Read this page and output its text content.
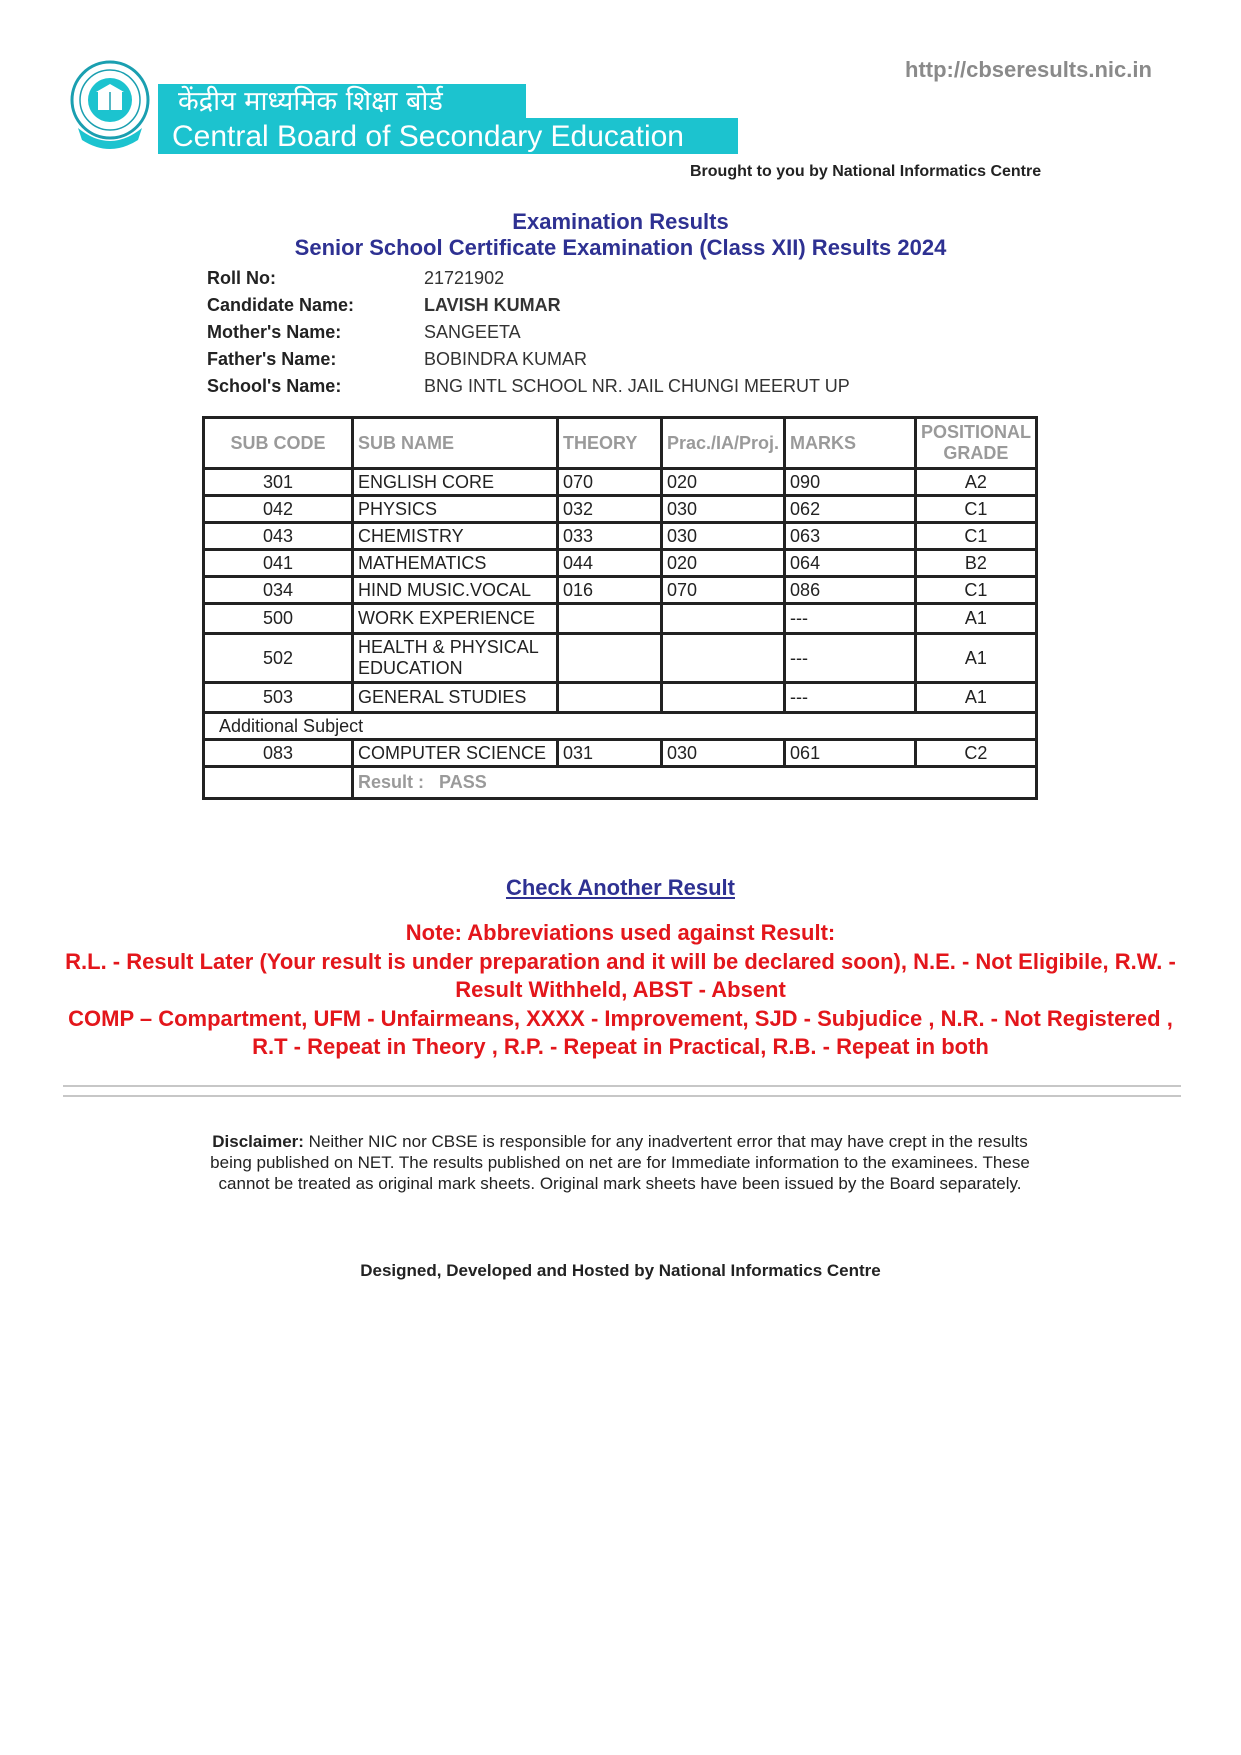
http://cbseresults.nic.in
केंद्रीय माध्यमिक शिक्षा बोर्ड
Central Board of Secondary Education
Brought to you by National Informatics Centre
Examination Results
Senior School Certificate Examination (Class XII) Results 2024
Roll No:	21721902
Candidate Name:	LAVISH KUMAR
Mother's Name:	SANGEETA
Father's Name:	BOBINDRA KUMAR
School's Name:	BNG INTL SCHOOL NR. JAIL CHUNGI MEERUT UP
SUB CODE	SUB NAME	THEORY	Prac./IA/Proj.	MARKS	POSITIONAL GRADE
301	ENGLISH CORE	070	020	090	A2
042	PHYSICS	032	030	062	C1
043	CHEMISTRY	033	030	063	C1
041	MATHEMATICS	044	020	064	B2
034	HIND MUSIC.VOCAL	016	070	086	C1
500	WORK EXPERIENCE			---	A1
502	HEALTH & PHYSICAL EDUCATION			---	A1
503	GENERAL STUDIES			---	A1
Additional Subject					
083	COMPUTER SCIENCE	031	030	061	C2
	Result : PASS				
Check Another Result
Note: Abbreviations used against Result:
R.L. - Result Later (Your result is under preparation and it will be declared soon), N.E. - Not Eligibile, R.W. - Result Withheld, ABST - Absent
COMP – Compartment, UFM - Unfairmeans, XXXX - Improvement, SJD - Subjudice , N.R. - Not Registered , R.T - Repeat in Theory , R.P. - Repeat in Practical, R.B. - Repeat in both
Disclaimer: Neither NIC nor CBSE is responsible for any inadvertent error that may have crept in the results being published on NET. The results published on net are for Immediate information to the examinees. These cannot be treated as original mark sheets. Original mark sheets have been issued by the Board separately.
Designed, Developed and Hosted by National Informatics Centre
